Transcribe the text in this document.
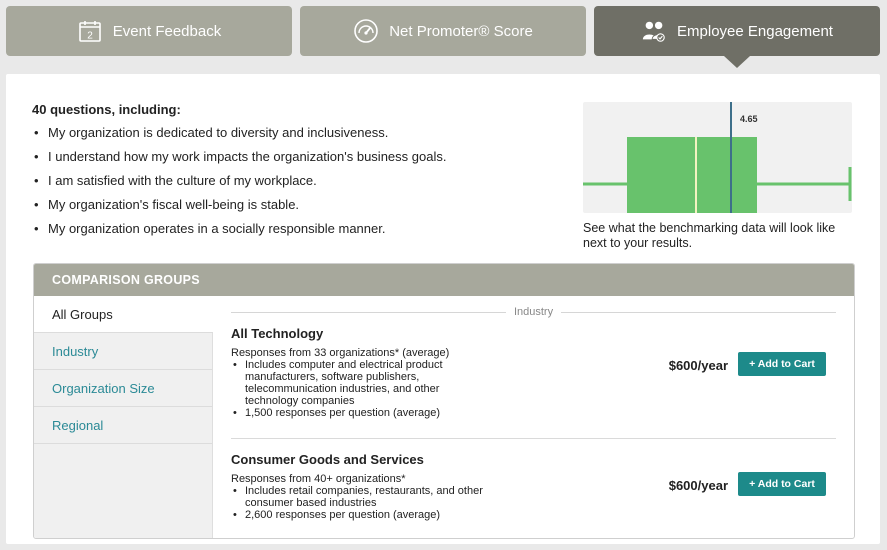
2 Event Feedback	Net Promoter® Score	Employee Engagement
40 questions, including:
• My organization is dedicated to diversity and inclusiveness.
• I understand how my work impacts the organization's business goals.
• I am satisfied with the culture of my workplace.
• My organization's fiscal well-being is stable.
• My organization operates in a socially responsible manner.
4.65
See what the benchmarking data will look like next to your results.
COMPARISON GROUPS
All Groups
Industry
Organization Size
Regional
Industry
All Technology
Responses from 33 organizations* (average)
• Includes computer and electrical product manufacturers, software publishers, telecommunication industries, and other technology companies
• 1,500 responses per question (average)
$600/year	+ Add to Cart
Consumer Goods and Services
Responses from 40+ organizations*
• Includes retail companies, restaurants, and other consumer based industries
• 2,600 responses per question (average)
$600/year	+ Add to Cart
